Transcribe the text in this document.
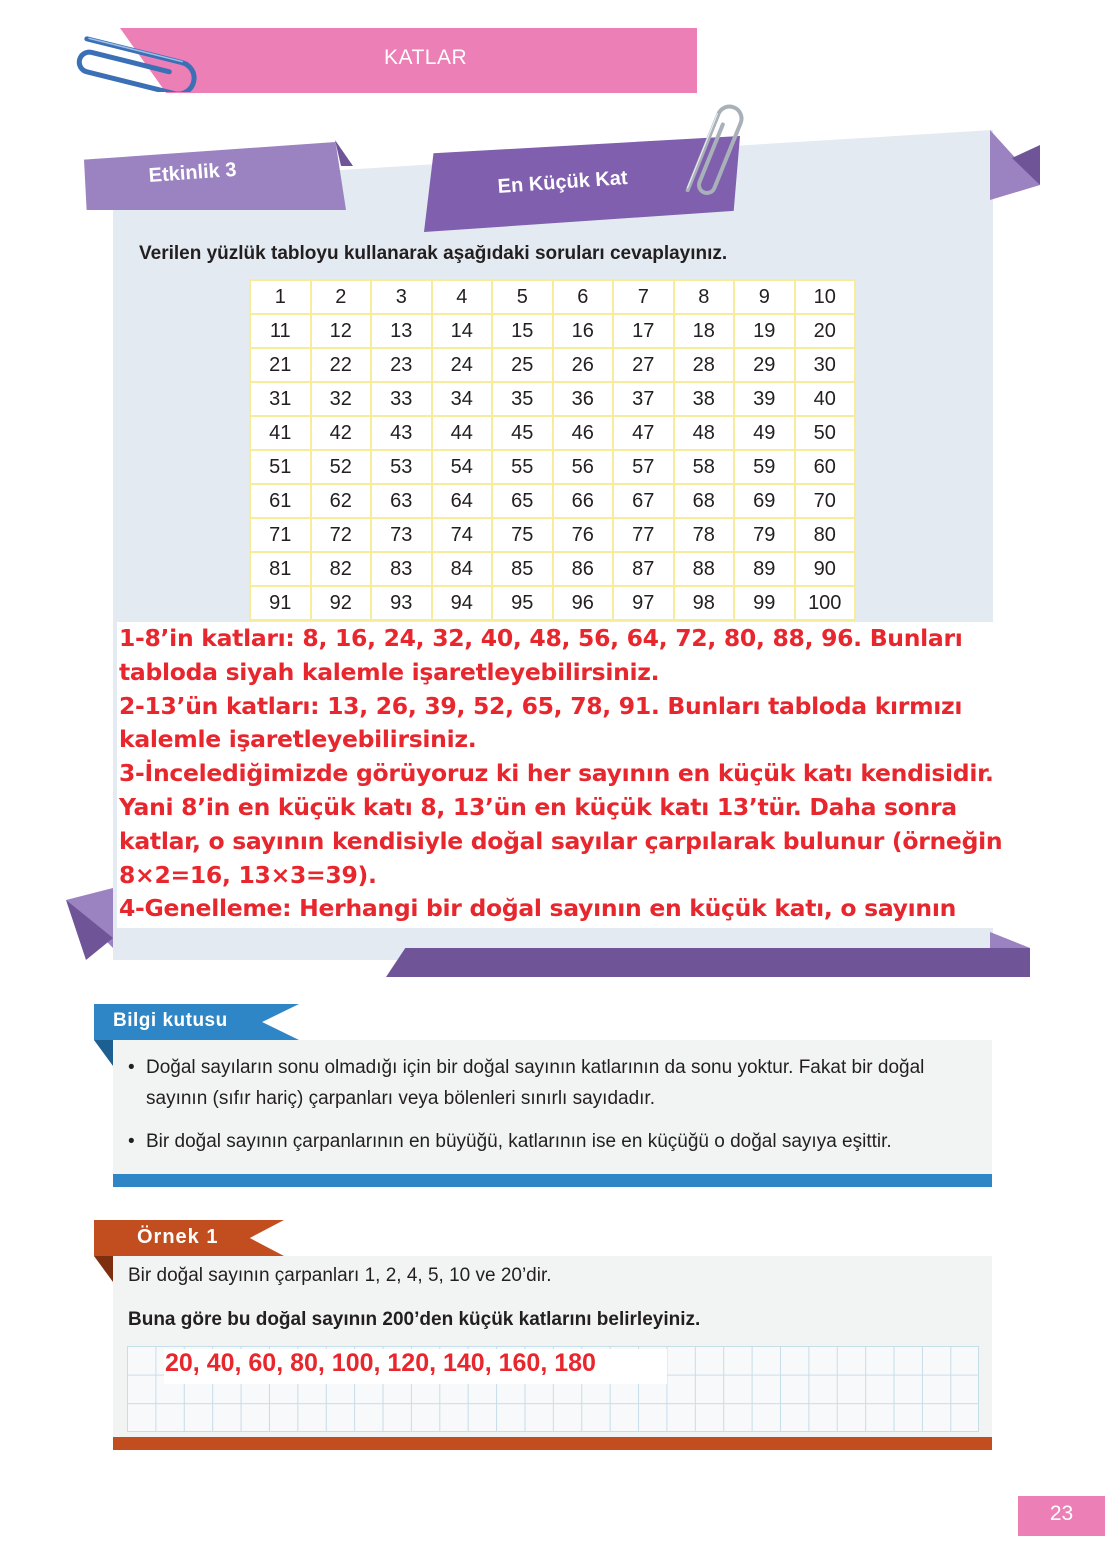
KATLAR
Etkinlik 3	En Küçük Kat
Verilen yüzlük tabloyu kullanarak aşağıdaki soruları cevaplayınız.
1	2	3	4	5	6	7	8	9	10
11	12	13	14	15	16	17	18	19	20
21	22	23	24	25	26	27	28	29	30
31	32	33	34	35	36	37	38	39	40
41	42	43	44	45	46	47	48	49	50
51	52	53	54	55	56	57	58	59	60
61	62	63	64	65	66	67	68	69	70
71	72	73	74	75	76	77	78	79	80
81	82	83	84	85	86	87	88	89	90
91	92	93	94	95	96	97	98	99	100

1-8’in katları: 8, 16, 24, 32, 40, 48, 56, 64, 72, 80, 88, 96. Bunları tabloda siyah kalemle işaretleyebilirsiniz.

2-13’ün katları: 13, 26, 39, 52, 65, 78, 91. Bunları tabloda kırmızı kalemle işaretleyebilirsiniz.

3-İncelediğimizde görüyoruz ki her sayının en küçük katı kendisidir. Yani 8’in en küçük katı 8, 13’ün en küçük katı 13’tür. Daha sonra katlar, o sayının kendisiyle doğal sayılar çarpılarak bulunur (örneğin 8×2=16, 13×3=39).

4-Genelleme: Herhangi bir doğal sayının en küçük katı, o sayının

Bilgi kutusu
• Doğal sayıların sonu olmadığı için bir doğal sayının katlarının da sonu yoktur. Fakat bir doğal sayının (sıfır hariç) çarpanları veya bölenleri sınırlı sayıdadır.
• Bir doğal sayının çarpanlarının en büyüğü, katlarının ise en küçüğü o doğal sayıya eşittir.
Örnek 1
Bir doğal sayının çarpanları 1, 2, 4, 5, 10 ve 20’dir.
Buna göre bu doğal sayının 200’den küçük katlarını belirleyiniz.
20, 40, 60, 80, 100, 120, 140, 160, 180
23
